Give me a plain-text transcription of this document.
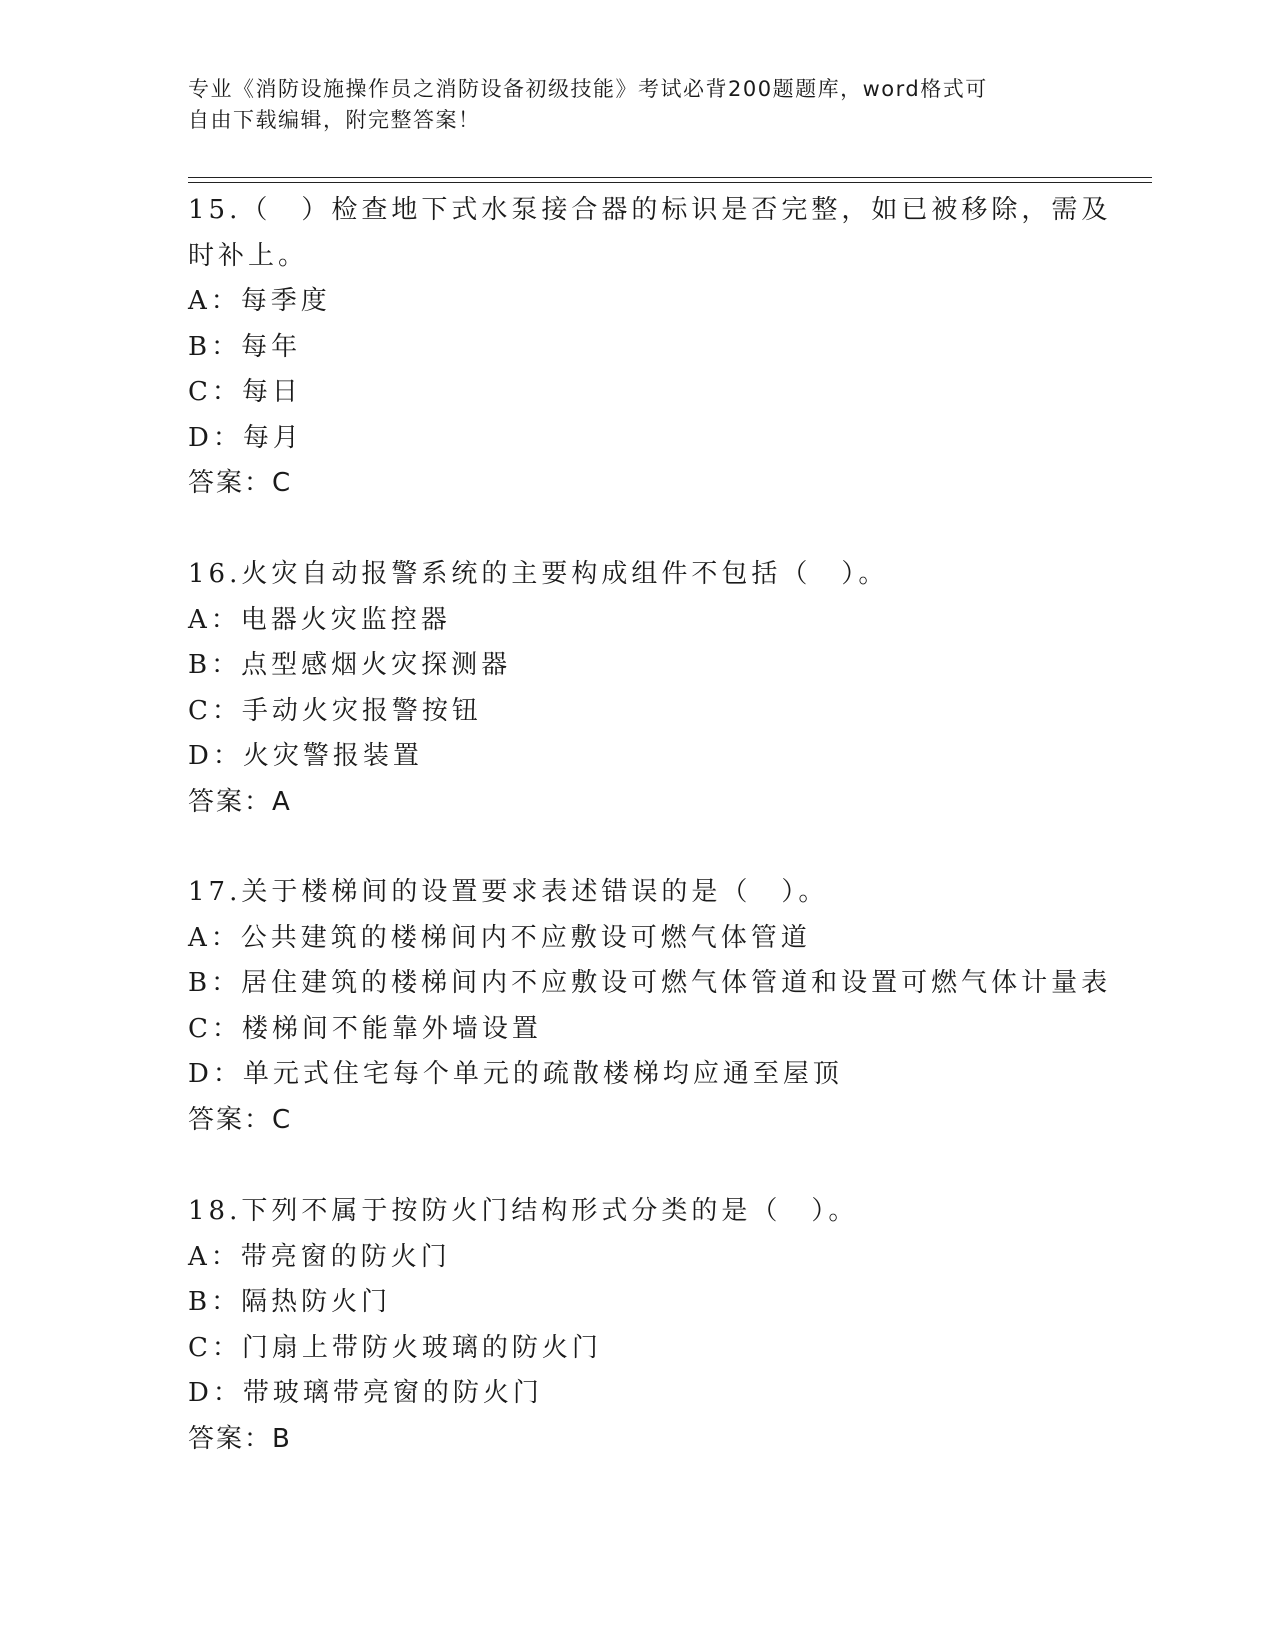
专业《消防设施操作员之消防设备初级技能》考试必背200题题库，word格式可
自由下载编辑，附完整答案！
15.（　）检查地下式水泵接合器的标识是否完整，如已被移除，需及
时补上。
A：每季度
B：每年
C：每日
D：每月
答案：C
16.火灾自动报警系统的主要构成组件不包括（　）。
A：电器火灾监控器
B：点型感烟火灾探测器
C：手动火灾报警按钮
D：火灾警报装置
答案：A
17.关于楼梯间的设置要求表述错误的是（　）。
A：公共建筑的楼梯间内不应敷设可燃气体管道
B：居住建筑的楼梯间内不应敷设可燃气体管道和设置可燃气体计量表
C：楼梯间不能靠外墙设置
D：单元式住宅每个单元的疏散楼梯均应通至屋顶
答案：C
18.下列不属于按防火门结构形式分类的是（　）。
A：带亮窗的防火门
B：隔热防火门
C：门扇上带防火玻璃的防火门
D：带玻璃带亮窗的防火门
答案：B
